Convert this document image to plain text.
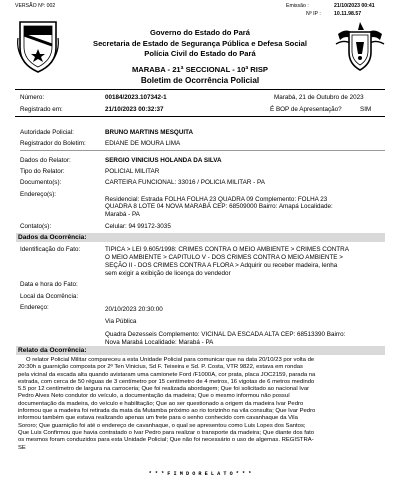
VERSÃO Nº: 002	Emissão :	21/10/2023 00:41
Nº IP :	10.11.98.57
Governo do Estado do Pará
Secretaria de Estado de Segurança Pública e Defesa Social
Polícia Civil do Estado do Pará
MARABA - 21ª SECCIONAL - 10ª RISP
Boletim de Ocorrência Policial
Número:	00184/2023.107342-1	Marabá, 21 de Outubro de 2023
Registrado em:	21/10/2023 00:32:37	É BOP de Apresentação?	SIM
Autoridade Policial:	BRUNO MARTINS MESQUITA
Registrador do Boletim:	EDIANE DE MOURA LIMA
Dados do Relator:	SERGIO VINICIUS HOLANDA DA SILVA
Tipo do Relator:	POLICIAL MILITAR
Documento(s):	CARTEIRA FUNCIONAL: 33016 / POLICIA MILITAR - PA
Endereço(s):
Residencial: Estrada FOLHA FOLHA 23 QUADRA 09 Complemento: FOLHA 23
QUADRA 8 LOTE 04 NOVA MARABÁ CEP: 68509000 Bairro: Amapá Localidade:
Marabá - PA
Contato(s):	Celular: 94 99172-3035
Dados da Ocorrência:
Identificação do Fato:	TIPICA > LEI 9.605/1998: CRIMES CONTRA O MEIO AMBIENTE > CRIMES CONTRA
O MEIO AMBIENTE > CAPITULO V - DOS CRIMES CONTRA O MEIO AMBIENTE >
SEÇÃO II - DOS CRIMES CONTRA A FLORA > Adquirir ou receber madeira, lenha
sem exigir a exibição de licença do vendedor
Data e hora do Fato:
Local da Ocorrência:
Endereço:	20/10/2023 20:30:00
Via Pública
Quadra Dezesseis Complemento: VICINAL DA ESCADA ALTA CEP: 68513390 Bairro:
Nova Marabá Localidade: Marabá - PA
Relato da Ocorrência:
O relator Policial Militar compareceu a esta Unidade Policial para comunicar que na data 20/10/23 por volta de
20:30h a guarnição composta por 2º Ten Vinicius, Sd F. Teixeira e Sd. P. Costa, VTR 9822, estava em rondas
pela vicinal da escada alta quando avistaram uma camionete Ford /F1000A, cor prata, placa JOC2159, parada na
estrada, com cerca de 50 réguas de 3 centímetro por 15 centímetro de 4 metros, 16 vigotas de 6 metros medindo
5.5 por 12 centímetro de largura na carroceria; Que foi realizada abordagem; Que foi solicitado ao nacional Ivar
Pedro Alves Neto condutor do veículo, a documentação da madeira; Que o mesmo informou não possuí
documentação da madeira, do veículo e habilitação; Que ao ser questionado a origem da madeira Ivar Pedro
informou que a madeira foi retirada da mata da Mutamba próximo ao rio torizinho na vila consulta; Que Ivar Pedro
informou também que estava realizando apenas um frete para o senho conhecido com cavanhaque da Vila
Sororo; Que guarnição foi até o endereço de cavanhaque, o qual se apresentou como Luis Lopes dos Santos;
Que Luis Confirmou que havia contratado o Ivar Pedro para realizar o transporte da madeira; Que diante dos fato
os mesmos foram conduzidos para esta Unidade Policial; Que não foi necessário o uso de algemas. REGISTRA-
SE
* * * F I M D O R E L A T O * * *
